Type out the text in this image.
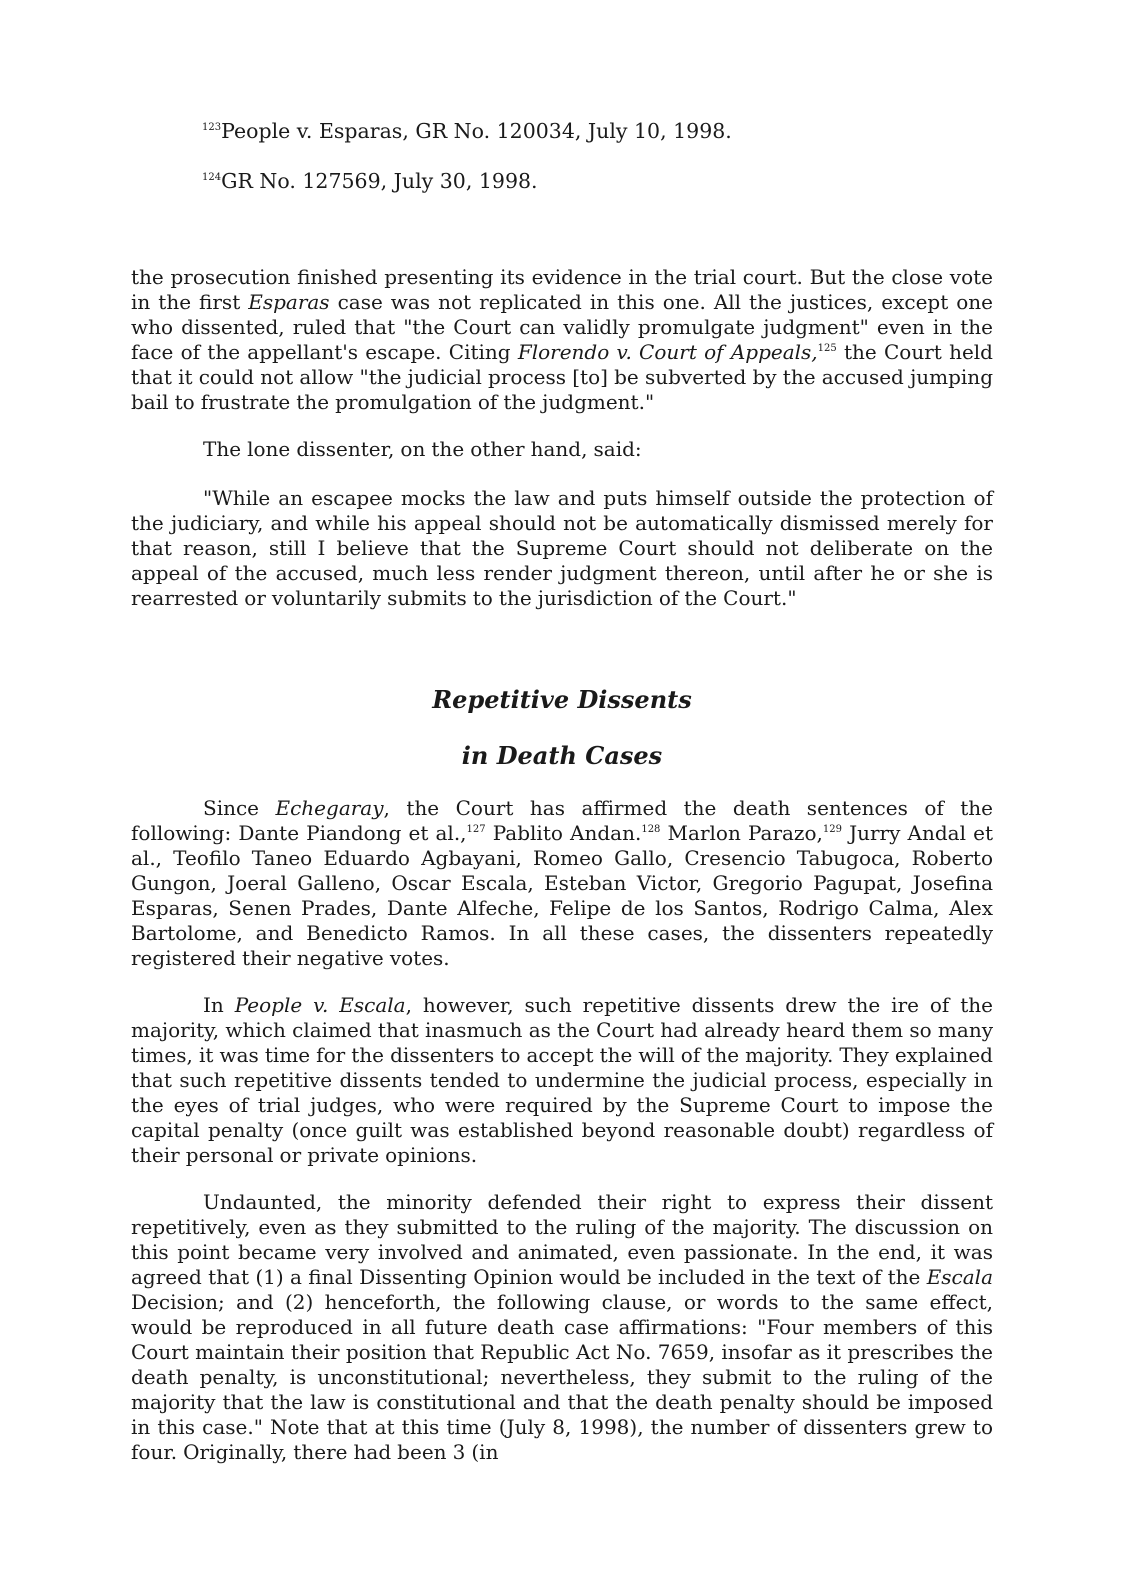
$^{123}$People v. Esparas, GR No. 120034, July 10, 1998.
$^{124}$GR No. 127569, July 30, 1998.

the prosecution finished presenting its evidence in the trial court. But the close vote in the first Esparas case was not replicated in this one. All the justices, except one who dissented, ruled that "the Court can validly promulgate judgment" even in the face of the appellant's escape. Citing Florendo v. Court of Appeals,$^{125}$ the Court held that it could not allow "the judicial process [to] be subverted by the accused jumping bail to frustrate the promulgation of the judgment."

The lone dissenter, on the other hand, said:

"While an escapee mocks the law and puts himself outside the protection of the judiciary, and while his appeal should not be automatically dismissed merely for that reason, still I believe that the Supreme Court should not deliberate on the appeal of the accused, much less render judgment thereon, until after he or she is rearrested or voluntarily submits to the jurisdiction of the Court."

Repetitive Dissents
in Death Cases

Since Echegaray, the Court has affirmed the death sentences of the following: Dante Piandong et al.,$^{127}$ Pablito Andan.$^{128}$ Marlon Parazo,$^{129}$ Jurry Andal et al., Teofilo Taneo Eduardo Agbayani, Romeo Gallo, Cresencio Tabugoca, Roberto Gungon, Joeral Galleno, Oscar Escala, Esteban Victor, Gregorio Pagupat, Josefina Esparas, Senen Prades, Dante Alfeche, Felipe de los Santos, Rodrigo Calma, Alex Bartolome, and Benedicto Ramos. In all these cases, the dissenters repeatedly registered their negative votes.

In People v. Escala, however, such repetitive dissents drew the ire of the majority, which claimed that inasmuch as the Court had already heard them so many times, it was time for the dissenters to accept the will of the majority. They explained that such repetitive dissents tended to undermine the judicial process, especially in the eyes of trial judges, who were required by the Supreme Court to impose the capital penalty (once guilt was established beyond reasonable doubt) regardless of their personal or private opinions.

Undaunted, the minority defended their right to express their dissent repetitively, even as they submitted to the ruling of the majority. The discussion on this point became very involved and animated, even passionate. In the end, it was agreed that (1) a final Dissenting Opinion would be included in the text of the Escala Decision; and (2) henceforth, the following clause, or words to the same effect, would be reproduced in all future death case affirmations: "Four members of this Court maintain their position that Republic Act No. 7659, insofar as it prescribes the death penalty, is unconstitutional; nevertheless, they submit to the ruling of the majority that the law is constitutional and that the death penalty should be imposed in this case." Note that at this time (July 8, 1998), the number of dissenters grew to four. Originally, there had been 3 (in
